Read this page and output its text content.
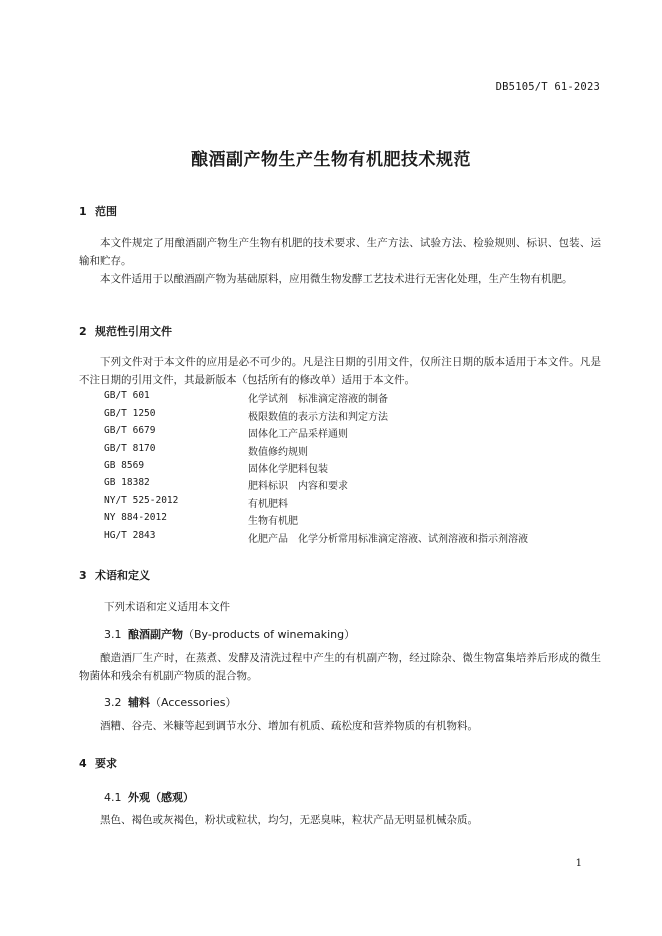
DB5105/T 61-2023
酿酒副产物生产生物有机肥技术规范
1 范围
本文件规定了用酿酒副产物生产生物有机肥的技术要求、生产方法、试验方法、检验规则、标识、包装、运输和贮存。
本文件适用于以酿酒副产物为基础原料，应用微生物发酵工艺技术进行无害化处理，生产生物有机肥。
2 规范性引用文件
下列文件对于本文件的应用是必不可少的。凡是注日期的引用文件，仅所注日期的版本适用于本文件。凡是不注日期的引用文件，其最新版本（包括所有的修改单）适用于本文件。
GB/T 601	化学试剂　标准滴定溶液的制备
GB/T 1250	极限数值的表示方法和判定方法
GB/T 6679	固体化工产品采样通则
GB/T 8170	数值修约规则
GB 8569	固体化学肥料包装
GB 18382	肥料标识　内容和要求
NY/T 525-2012	有机肥料
NY 884-2012	生物有机肥
HG/T 2843	化肥产品　化学分析常用标准滴定溶液、试剂溶液和指示剂溶液
3 术语和定义
下列术语和定义适用本文件
3.1 酿酒副产物（By-products of winemaking）
酿造酒厂生产时，在蒸煮、发酵及清洗过程中产生的有机副产物，经过除杂、微生物富集培养后形成的微生物菌体和残余有机副产物质的混合物。
3.2 辅料（Accessories）
酒糟、谷壳、米糠等起到调节水分、增加有机质、疏松度和营养物质的有机物料。
4 要求
4.1 外观（感观）
黑色、褐色或灰褐色，粉状或粒状，均匀，无恶臭味，粒状产品无明显机械杂质。
1
